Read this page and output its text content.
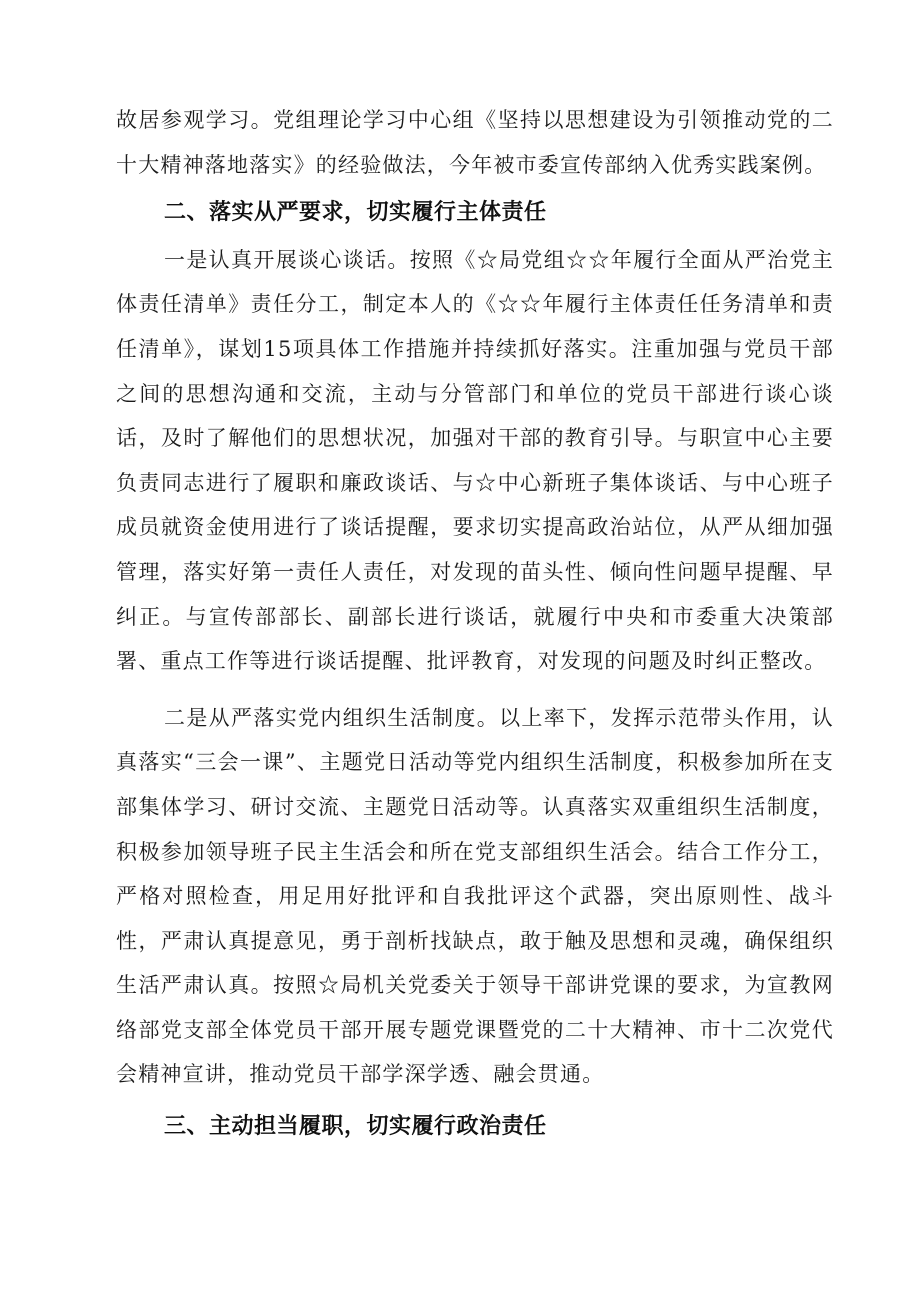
故居参观学习。党组理论学习中心组《坚持以思想建设为引领推动党的二十大精神落地落实》的经验做法，今年被市委宣传部纳入优秀实践案例。

二、落实从严要求，切实履行主体责任

一是认真开展谈心谈话。按照《☆局党组☆☆年履行全面从严治党主体责任清单》责任分工，制定本人的《☆☆年履行主体责任任务清单和责任清单》，谋划15项具体工作措施并持续抓好落实。注重加强与党员干部之间的思想沟通和交流，主动与分管部门和单位的党员干部进行谈心谈话，及时了解他们的思想状况，加强对干部的教育引导。与职宣中心主要负责同志进行了履职和廉政谈话、与☆中心新班子集体谈话、与中心班子成员就资金使用进行了谈话提醒，要求切实提高政治站位，从严从细加强管理，落实好第一责任人责任，对发现的苗头性、倾向性问题早提醒、早纠正。与宣传部部长、副部长进行谈话，就履行中央和市委重大决策部署、重点工作等进行谈话提醒、批评教育，对发现的问题及时纠正整改。

二是从严落实党内组织生活制度。以上率下，发挥示范带头作用，认真落实“三会一课”、主题党日活动等党内组织生活制度，积极参加所在支部集体学习、研讨交流、主题党日活动等。认真落实双重组织生活制度，积极参加领导班子民主生活会和所在党支部组织生活会。结合工作分工，严格对照检查，用足用好批评和自我批评这个武器，突出原则性、战斗性，严肃认真提意见，勇于剖析找缺点，敢于触及思想和灵魂，确保组织生活严肃认真。按照☆局机关党委关于领导干部讲党课的要求，为宣教网络部党支部全体党员干部开展专题党课暨党的二十大精神、市十二次党代会精神宣讲，推动党员干部学深学透、融会贯通。

三、主动担当履职，切实履行政治责任
